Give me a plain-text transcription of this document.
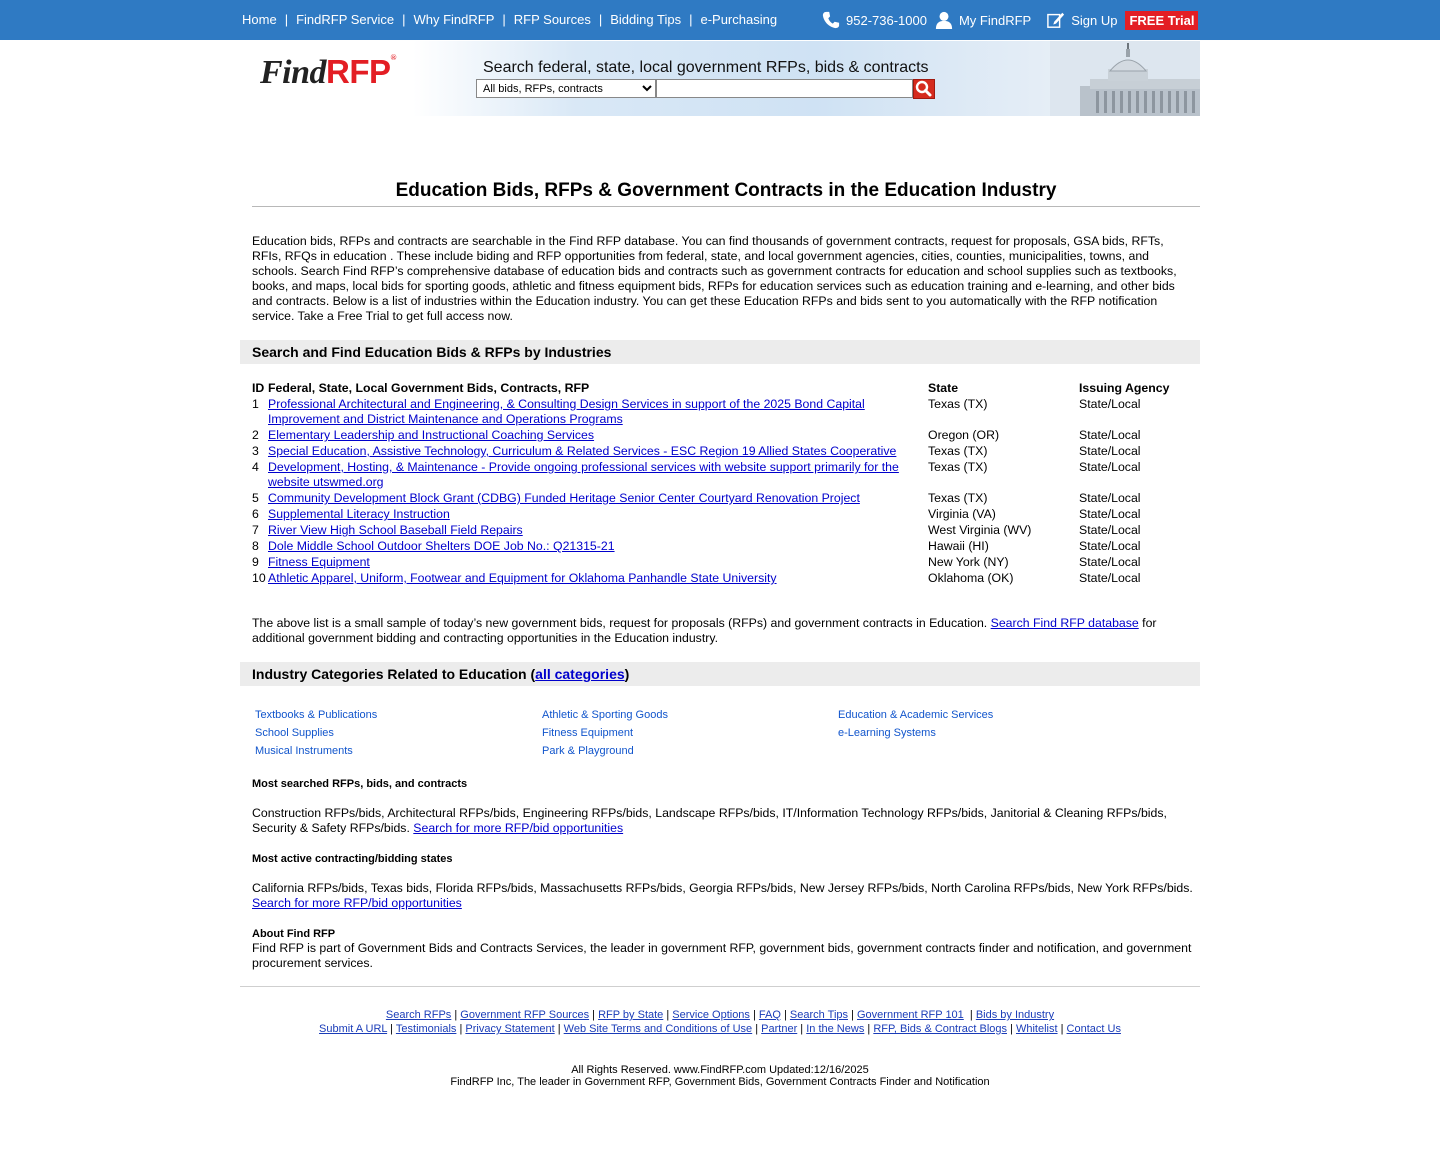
Home | FindRFP Service | Why FindRFP | RFP Sources | Bidding Tips | e-Purchasing	952-736-1000 My FindRFP	Sign Up FREE Trial
FindRFP®
Search federal, state, local government RFPs, bids & contracts
All bids, RFPs, contracts
Education Bids, RFPs & Government Contracts in the Education Industry
Education bids, RFPs and contracts are searchable in the Find RFP database. You can find thousands of government contracts, request for proposals, GSA bids, RFTs, RFIs, RFQs in education . These include biding and RFP opportunities from federal, state, and local government agencies, cities, counties, municipalities, towns, and schools. Search Find RFP’s comprehensive database of education bids and contracts such as government contracts for education and school supplies such as textbooks, books, and maps, local bids for sporting goods, athletic and fitness equipment bids, RFPs for education services such as education training and e-learning, and other bids and contracts. Below is a list of industries within the Education industry. You can get these Education RFPs and bids sent to you automatically with the RFP notification service. Take a Free Trial to get full access now.
Search and Find Education Bids & RFPs by Industries
ID	Federal, State, Local Government Bids, Contracts, RFP	State	Issuing Agency
1	Professional Architectural and Engineering, & Consulting Design Services in support of the 2025 Bond Capital Improvement and District Maintenance and Operations Programs	Texas (TX)	State/Local
2	Elementary Leadership and Instructional Coaching Services	Oregon (OR)	State/Local
3	Special Education, Assistive Technology, Curriculum & Related Services - ESC Region 19 Allied States Cooperative	Texas (TX)	State/Local
4	Development, Hosting, & Maintenance - Provide ongoing professional services with website support primarily for the website utswmed.org	Texas (TX)	State/Local
5	Community Development Block Grant (CDBG) Funded Heritage Senior Center Courtyard Renovation Project	Texas (TX)	State/Local
6	Supplemental Literacy Instruction	Virginia (VA)	State/Local
7	River View High School Baseball Field Repairs	West Virginia (WV)	State/Local
8	Dole Middle School Outdoor Shelters DOE Job No.: Q21315-21	Hawaii (HI)	State/Local
9	Fitness Equipment	New York (NY)	State/Local
10	Athletic Apparel, Uniform, Footwear and Equipment for Oklahoma Panhandle State University	Oklahoma (OK)	State/Local
The above list is a small sample of today’s new government bids, request for proposals (RFPs) and government contracts in Education. Search Find RFP database for additional government bidding and contracting opportunities in the Education industry.
Industry Categories Related to Education (all categories)
Textbooks & Publications
School Supplies
Musical Instruments
Athletic & Sporting Goods
Fitness Equipment
Park & Playground
Education & Academic Services
e-Learning Systems
Most searched RFPs, bids, and contracts
Construction RFPs/bids, Architectural RFPs/bids, Engineering RFPs/bids, Landscape RFPs/bids, IT/Information Technology RFPs/bids, Janitorial & Cleaning RFPs/bids, Security & Safety RFPs/bids. Search for more RFP/bid opportunities
Most active contracting/bidding states
California RFPs/bids, Texas bids, Florida RFPs/bids, Massachusetts RFPs/bids, Georgia RFPs/bids, New Jersey RFPs/bids, North Carolina RFPs/bids, New York RFPs/bids. Search for more RFP/bid opportunities
About Find RFP
Find RFP is part of Government Bids and Contracts Services, the leader in government RFP, government bids, government contracts finder and notification, and government procurement services.
Search RFPs | Government RFP Sources | RFP by State | Service Options | FAQ | Search Tips | Government RFP 101  | Bids by Industry
Submit A URL | Testimonials | Privacy Statement | Web Site Terms and Conditions of Use | Partner | In the News | RFP, Bids & Contract Blogs | Whitelist | Contact Us
All Rights Reserved. www.FindRFP.com Updated:12/16/2025
FindRFP Inc, The leader in Government RFP, Government Bids, Government Contracts Finder and Notification
